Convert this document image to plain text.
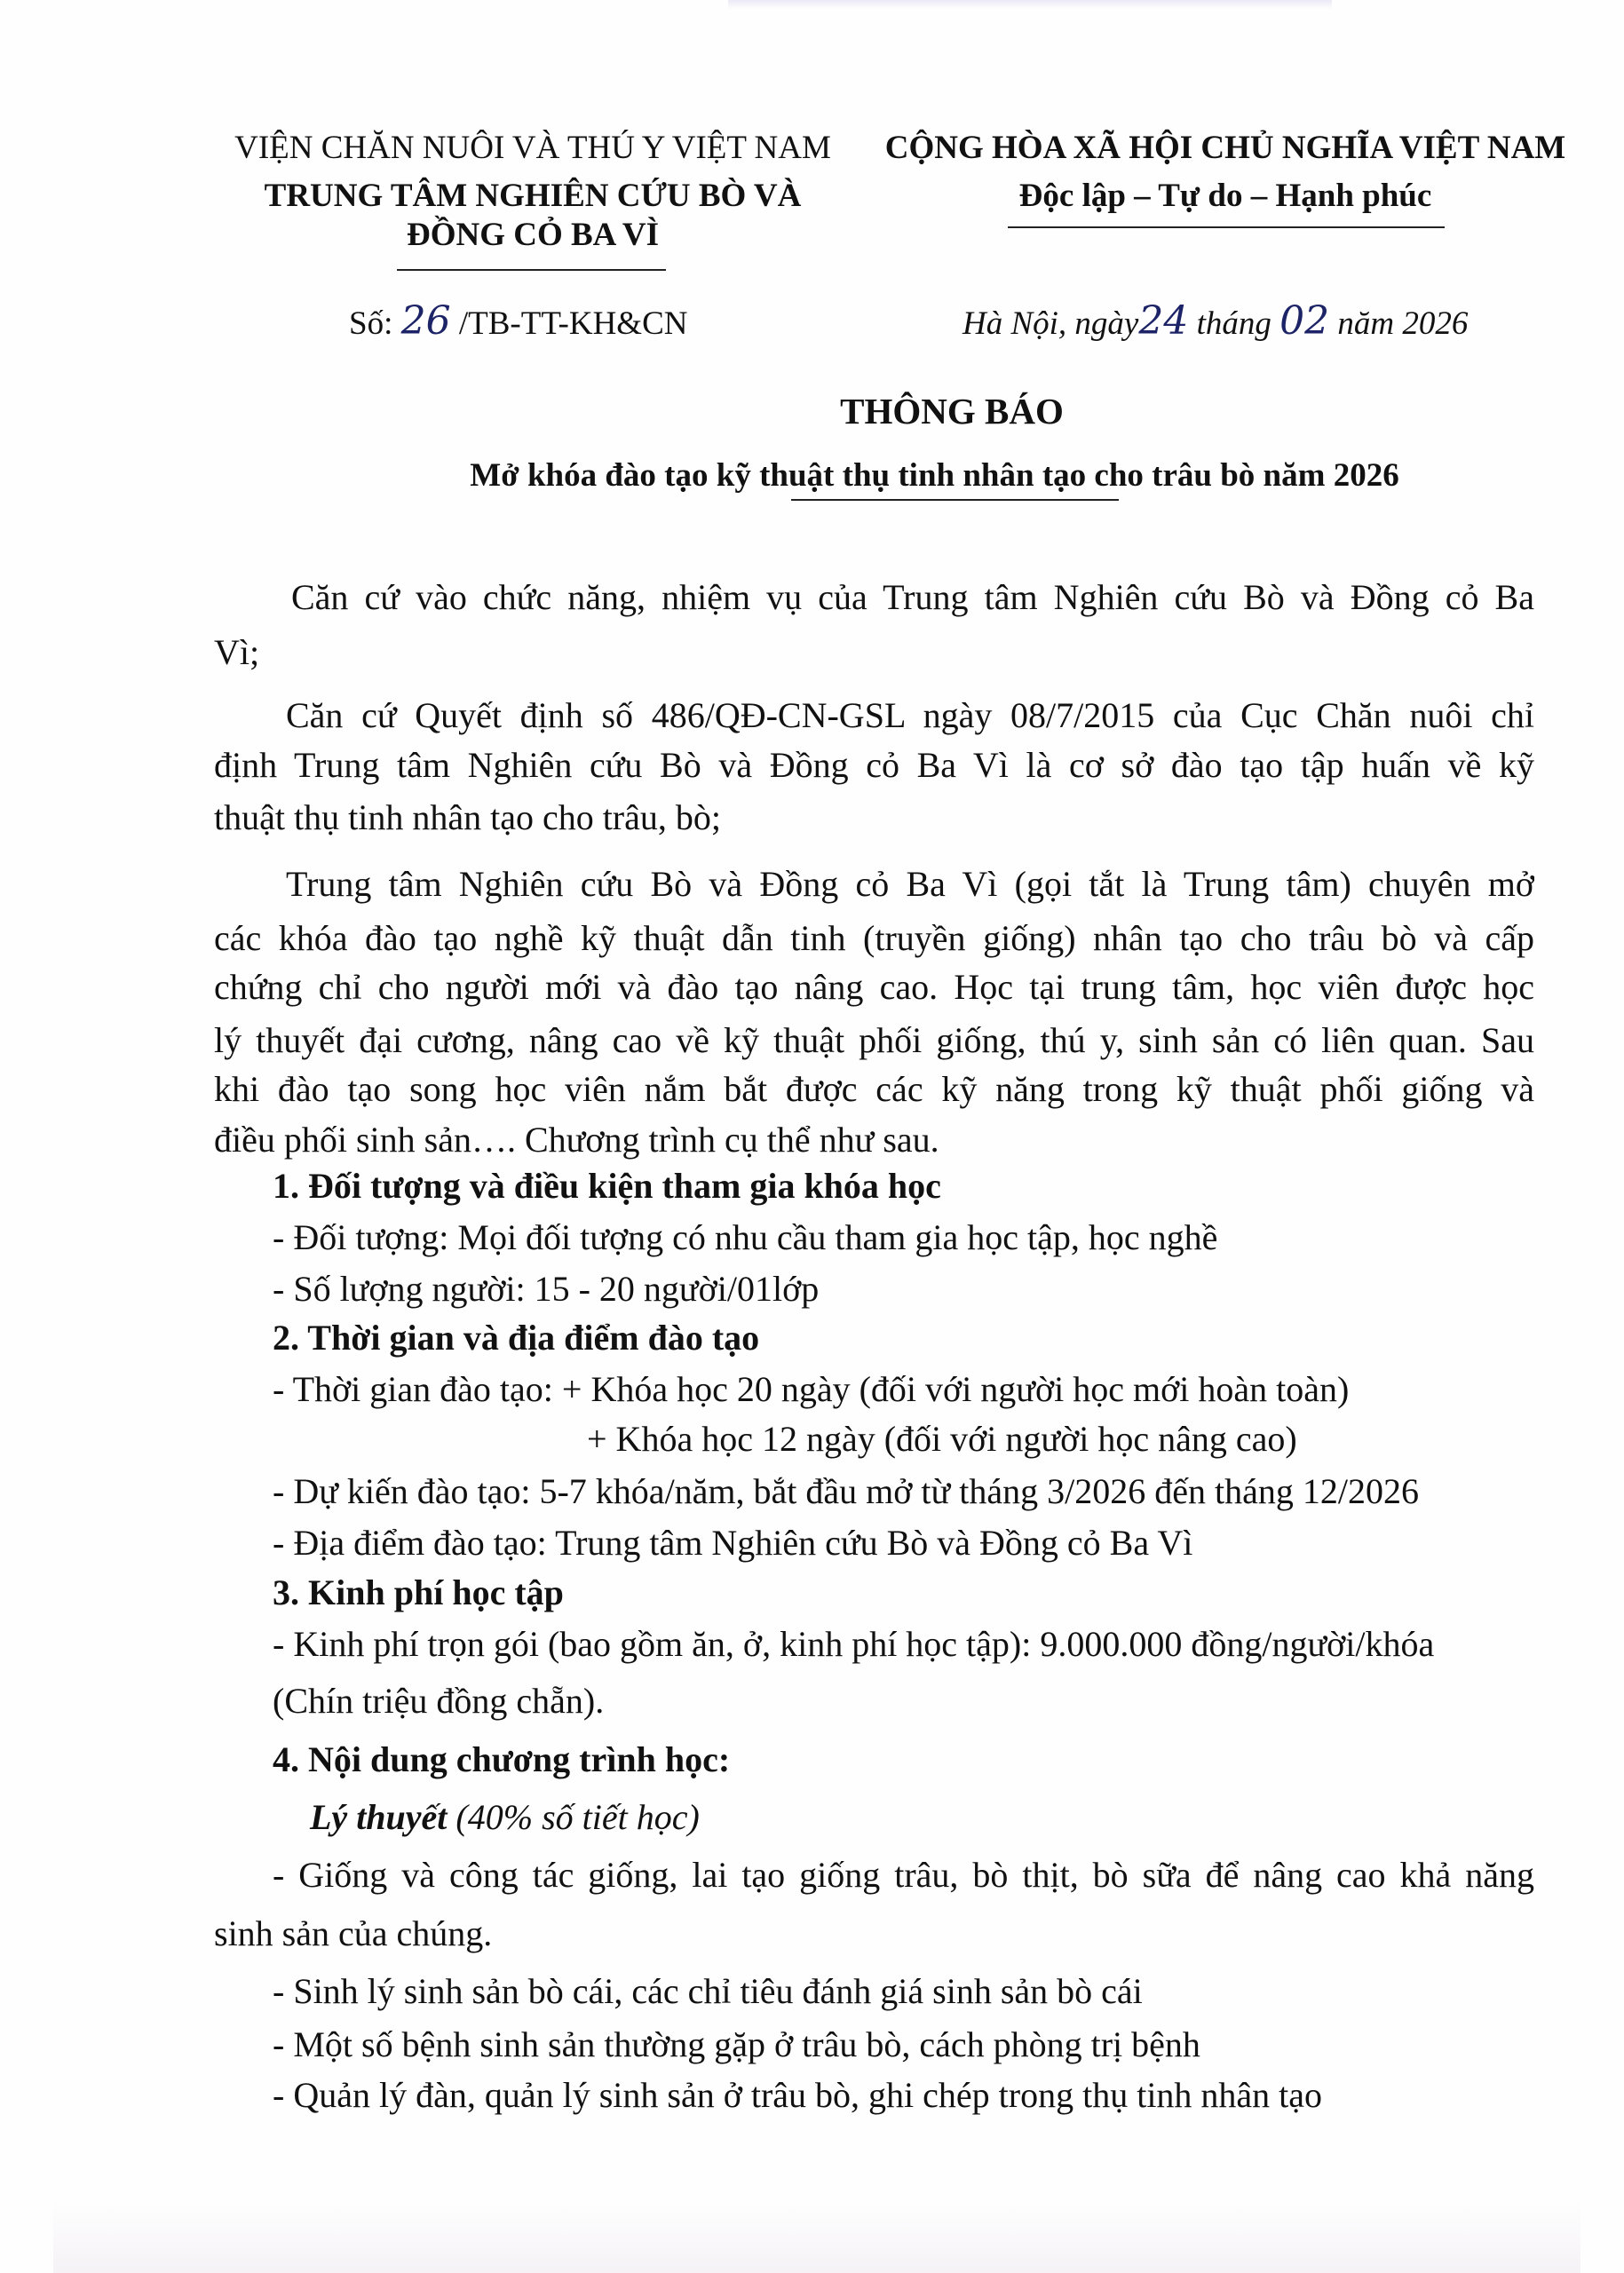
VIỆN CHĂN NUÔI VÀ THÚ Y VIỆT NAM
TRUNG TÂM NGHIÊN CỨU BÒ VÀ
ĐỒNG CỎ BA VÌ
CỘNG HÒA XÃ HỘI CHỦ NGHĨA VIỆT NAM
Độc lập – Tự do – Hạnh phúc
Số: 26 /TB-TT-KH&CN	Hà Nội, ngày24 tháng 02 năm 2026
THÔNG BÁO
Mở khóa đào tạo kỹ thuật thụ tinh nhân tạo cho trâu bò năm 2026
Căn cứ vào chức năng, nhiệm vụ của Trung tâm Nghiên cứu Bò và Đồng cỏ Ba
Vì;
Căn cứ Quyết định số 486/QĐ-CN-GSL ngày 08/7/2015 của Cục Chăn nuôi chỉ
định Trung tâm Nghiên cứu Bò và Đồng cỏ Ba Vì là cơ sở đào tạo tập huấn về kỹ
thuật thụ tinh nhân tạo cho trâu, bò;
Trung tâm Nghiên cứu Bò và Đồng cỏ Ba Vì (gọi tắt là Trung tâm) chuyên mở
các khóa đào tạo nghề kỹ thuật dẫn tinh (truyền giống) nhân tạo cho trâu bò và cấp
chứng chỉ cho người mới và đào tạo nâng cao. Học tại trung tâm, học viên được học
lý thuyết đại cương, nâng cao về kỹ thuật phối giống, thú y, sinh sản có liên quan. Sau
khi đào tạo song học viên nắm bắt được các kỹ năng trong kỹ thuật phối giống và
điều phối sinh sản…. Chương trình cụ thể như sau.
1. Đối tượng và điều kiện tham gia khóa học
- Đối tượng: Mọi đối tượng có nhu cầu tham gia học tập, học nghề
- Số lượng người: 15 - 20 người/01lớp
2. Thời gian và địa điểm đào tạo
- Thời gian đào tạo: + Khóa học 20 ngày (đối với người học mới hoàn toàn)
+ Khóa học 12 ngày (đối với người học nâng cao)
- Dự kiến đào tạo: 5-7 khóa/năm, bắt đầu mở từ tháng 3/2026 đến tháng 12/2026
- Địa điểm đào tạo: Trung tâm Nghiên cứu Bò và Đồng cỏ Ba Vì
3. Kinh phí học tập
- Kinh phí trọn gói (bao gồm ăn, ở, kinh phí học tập): 9.000.000 đồng/người/khóa
(Chín triệu đồng chẵn).
4. Nội dung chương trình học:
Lý thuyết (40% số tiết học)
- Giống và công tác giống, lai tạo giống trâu, bò thịt, bò sữa để nâng cao khả năng
sinh sản của chúng.
- Sinh lý sinh sản bò cái, các chỉ tiêu đánh giá sinh sản bò cái
- Một số bệnh sinh sản thường gặp ở trâu bò, cách phòng trị bệnh
- Quản lý đàn, quản lý sinh sản ở trâu bò, ghi chép trong thụ tinh nhân tạo
